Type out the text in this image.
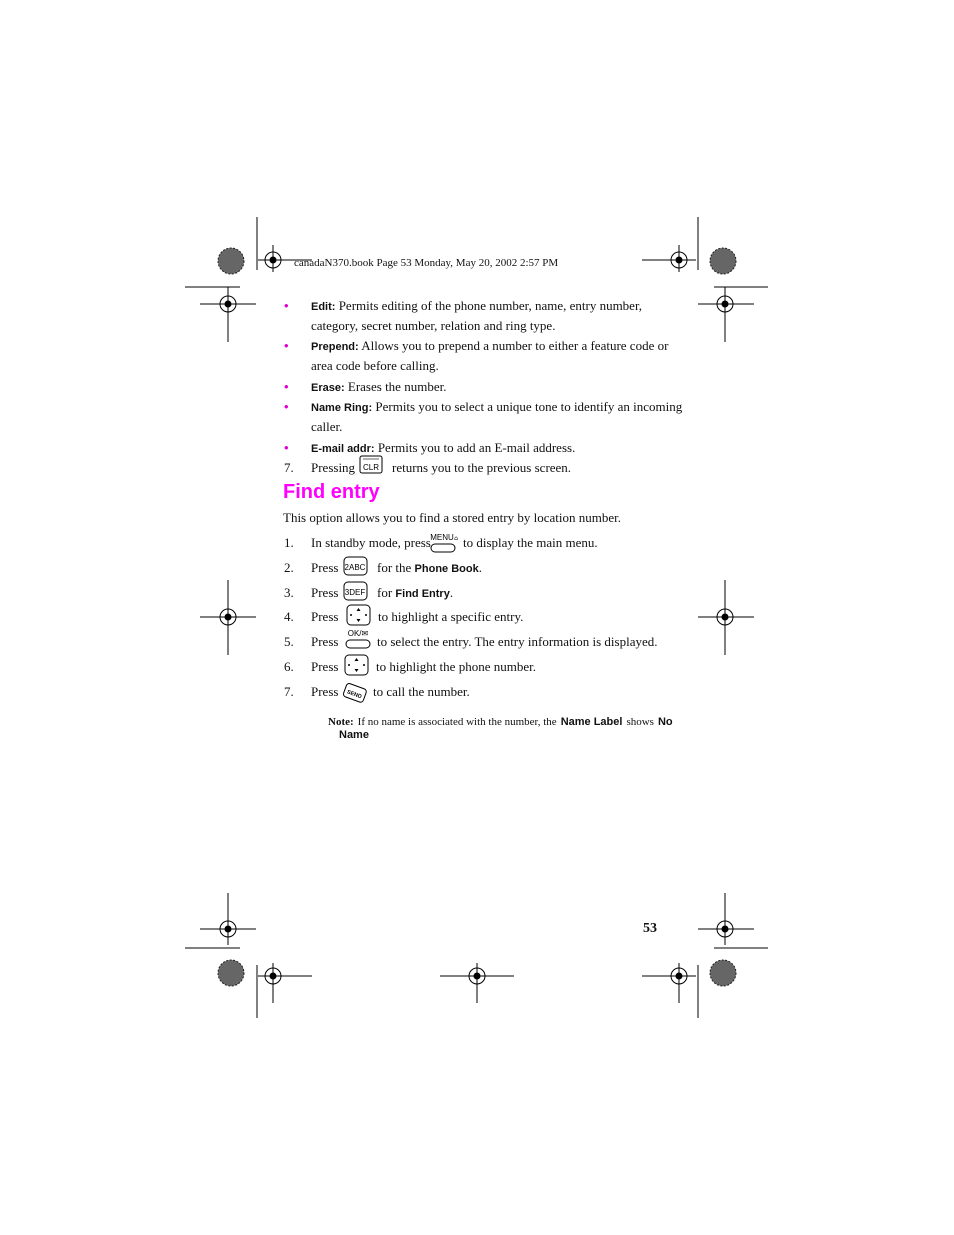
canadaN370.book Page 53 Monday, May 20, 2002 2:57 PM
• Edit: Permits editing of the phone number, name, entry number,
category, secret number, relation and ring type.
• Prepend: Allows you to prepend a number to either a feature code or
area code before calling.
• Erase: Erases the number.
• Name Ring: Permits you to select a unique tone to identify an incoming
caller.
• E-mail addr: Permits you to add an E-mail address.
7. Pressing CLR returns you to the previous screen.
Find entry
This option allows you to find a stored entry by location number.
1. In standby mode, press MENU ⌂ to display the main menu.
2. Press 2ABC for the Phone Book.
3. Press 3DEF for Find Entry.
4. Press	to highlight a specific entry.
5. Press
OK/✉
to select the entry. The entry information is displayed.
6. Press	to highlight the phone number.
7. Press SEND to call the number.
Note: If no name is associated with the number, the Name Label shows No
Name
53
